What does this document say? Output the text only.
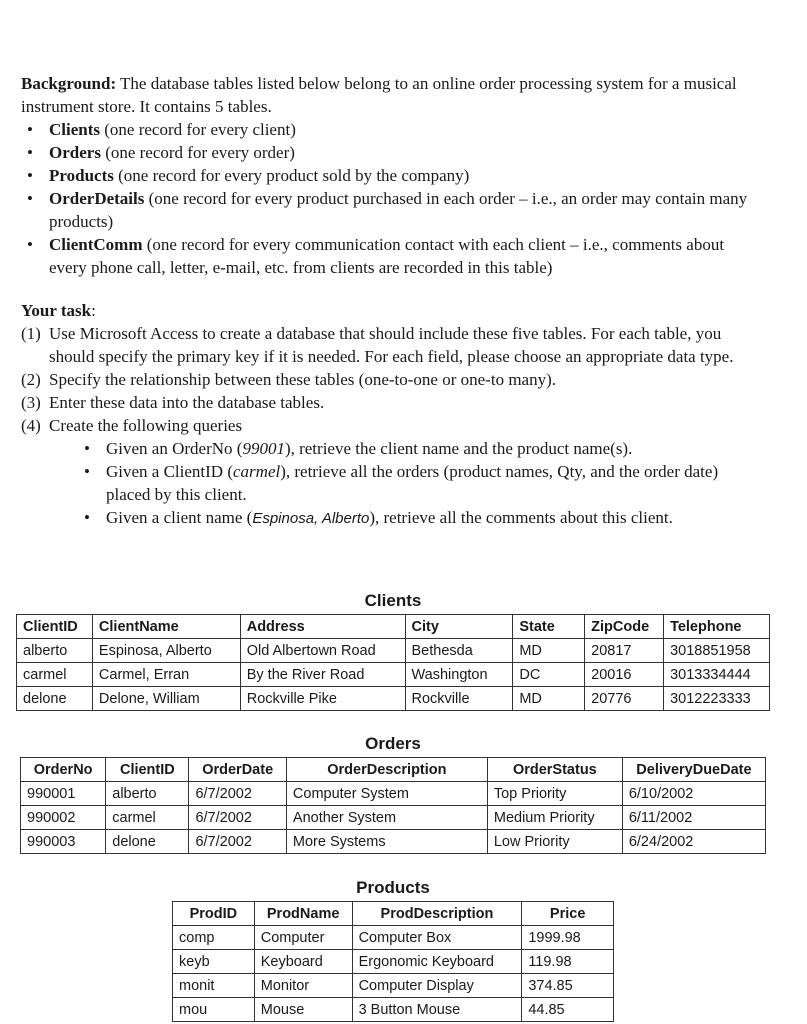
Background: The database tables listed below belong to an online order processing system for a musical instrument store. It contains 5 tables.

• Clients (one record for every client)
• Orders (one record for every order)
• Products (one record for every product sold by the company)
• OrderDetails (one record for every product purchased in each order – i.e., an order may contain many products)
• ClientComm (one record for every communication contact with each client – i.e., comments about every phone call, letter, e-mail, etc. from clients are recorded in this table)

Your task:

(1) Use Microsoft Access to create a database that should include these five tables. For each table, you should specify the primary key if it is needed. For each field, please choose an appropriate data type.
(2) Specify the relationship between these tables (one-to-one or one-to many).
(3) Enter these data into the database tables.
(4) Create the following queries
• Given an OrderNo (99001), retrieve the client name and the product name(s).
• Given a ClientID (carmel), retrieve all the orders (product names, Qty, and the order date) placed by this client.
• Given a client name (Espinosa, Alberto), retrieve all the comments about this client.
Clients
ClientID	ClientName	Address	City	State	ZipCode	Telephone
alberto	Espinosa, Alberto	Old Albertown Road	Bethesda	MD	20817	3018851958
carmel	Carmel, Erran	By the River Road	Washington	DC	20016	3013334444
delone	Delone, William	Rockville Pike	Rockville	MD	20776	3012223333
Orders
OrderNo	ClientID	OrderDate	OrderDescription	OrderStatus	DeliveryDueDate
990001	alberto	6/7/2002	Computer System	Top Priority	6/10/2002
990002	carmel	6/7/2002	Another System	Medium Priority	6/11/2002
990003	delone	6/7/2002	More Systems	Low Priority	6/24/2002
Products
ProdID	ProdName	ProdDescription	Price
comp	Computer	Computer Box	1999.98
keyb	Keyboard	Ergonomic Keyboard	119.98
monit	Monitor	Computer Display	374.85
mou	Mouse	3 Button Mouse	44.85
